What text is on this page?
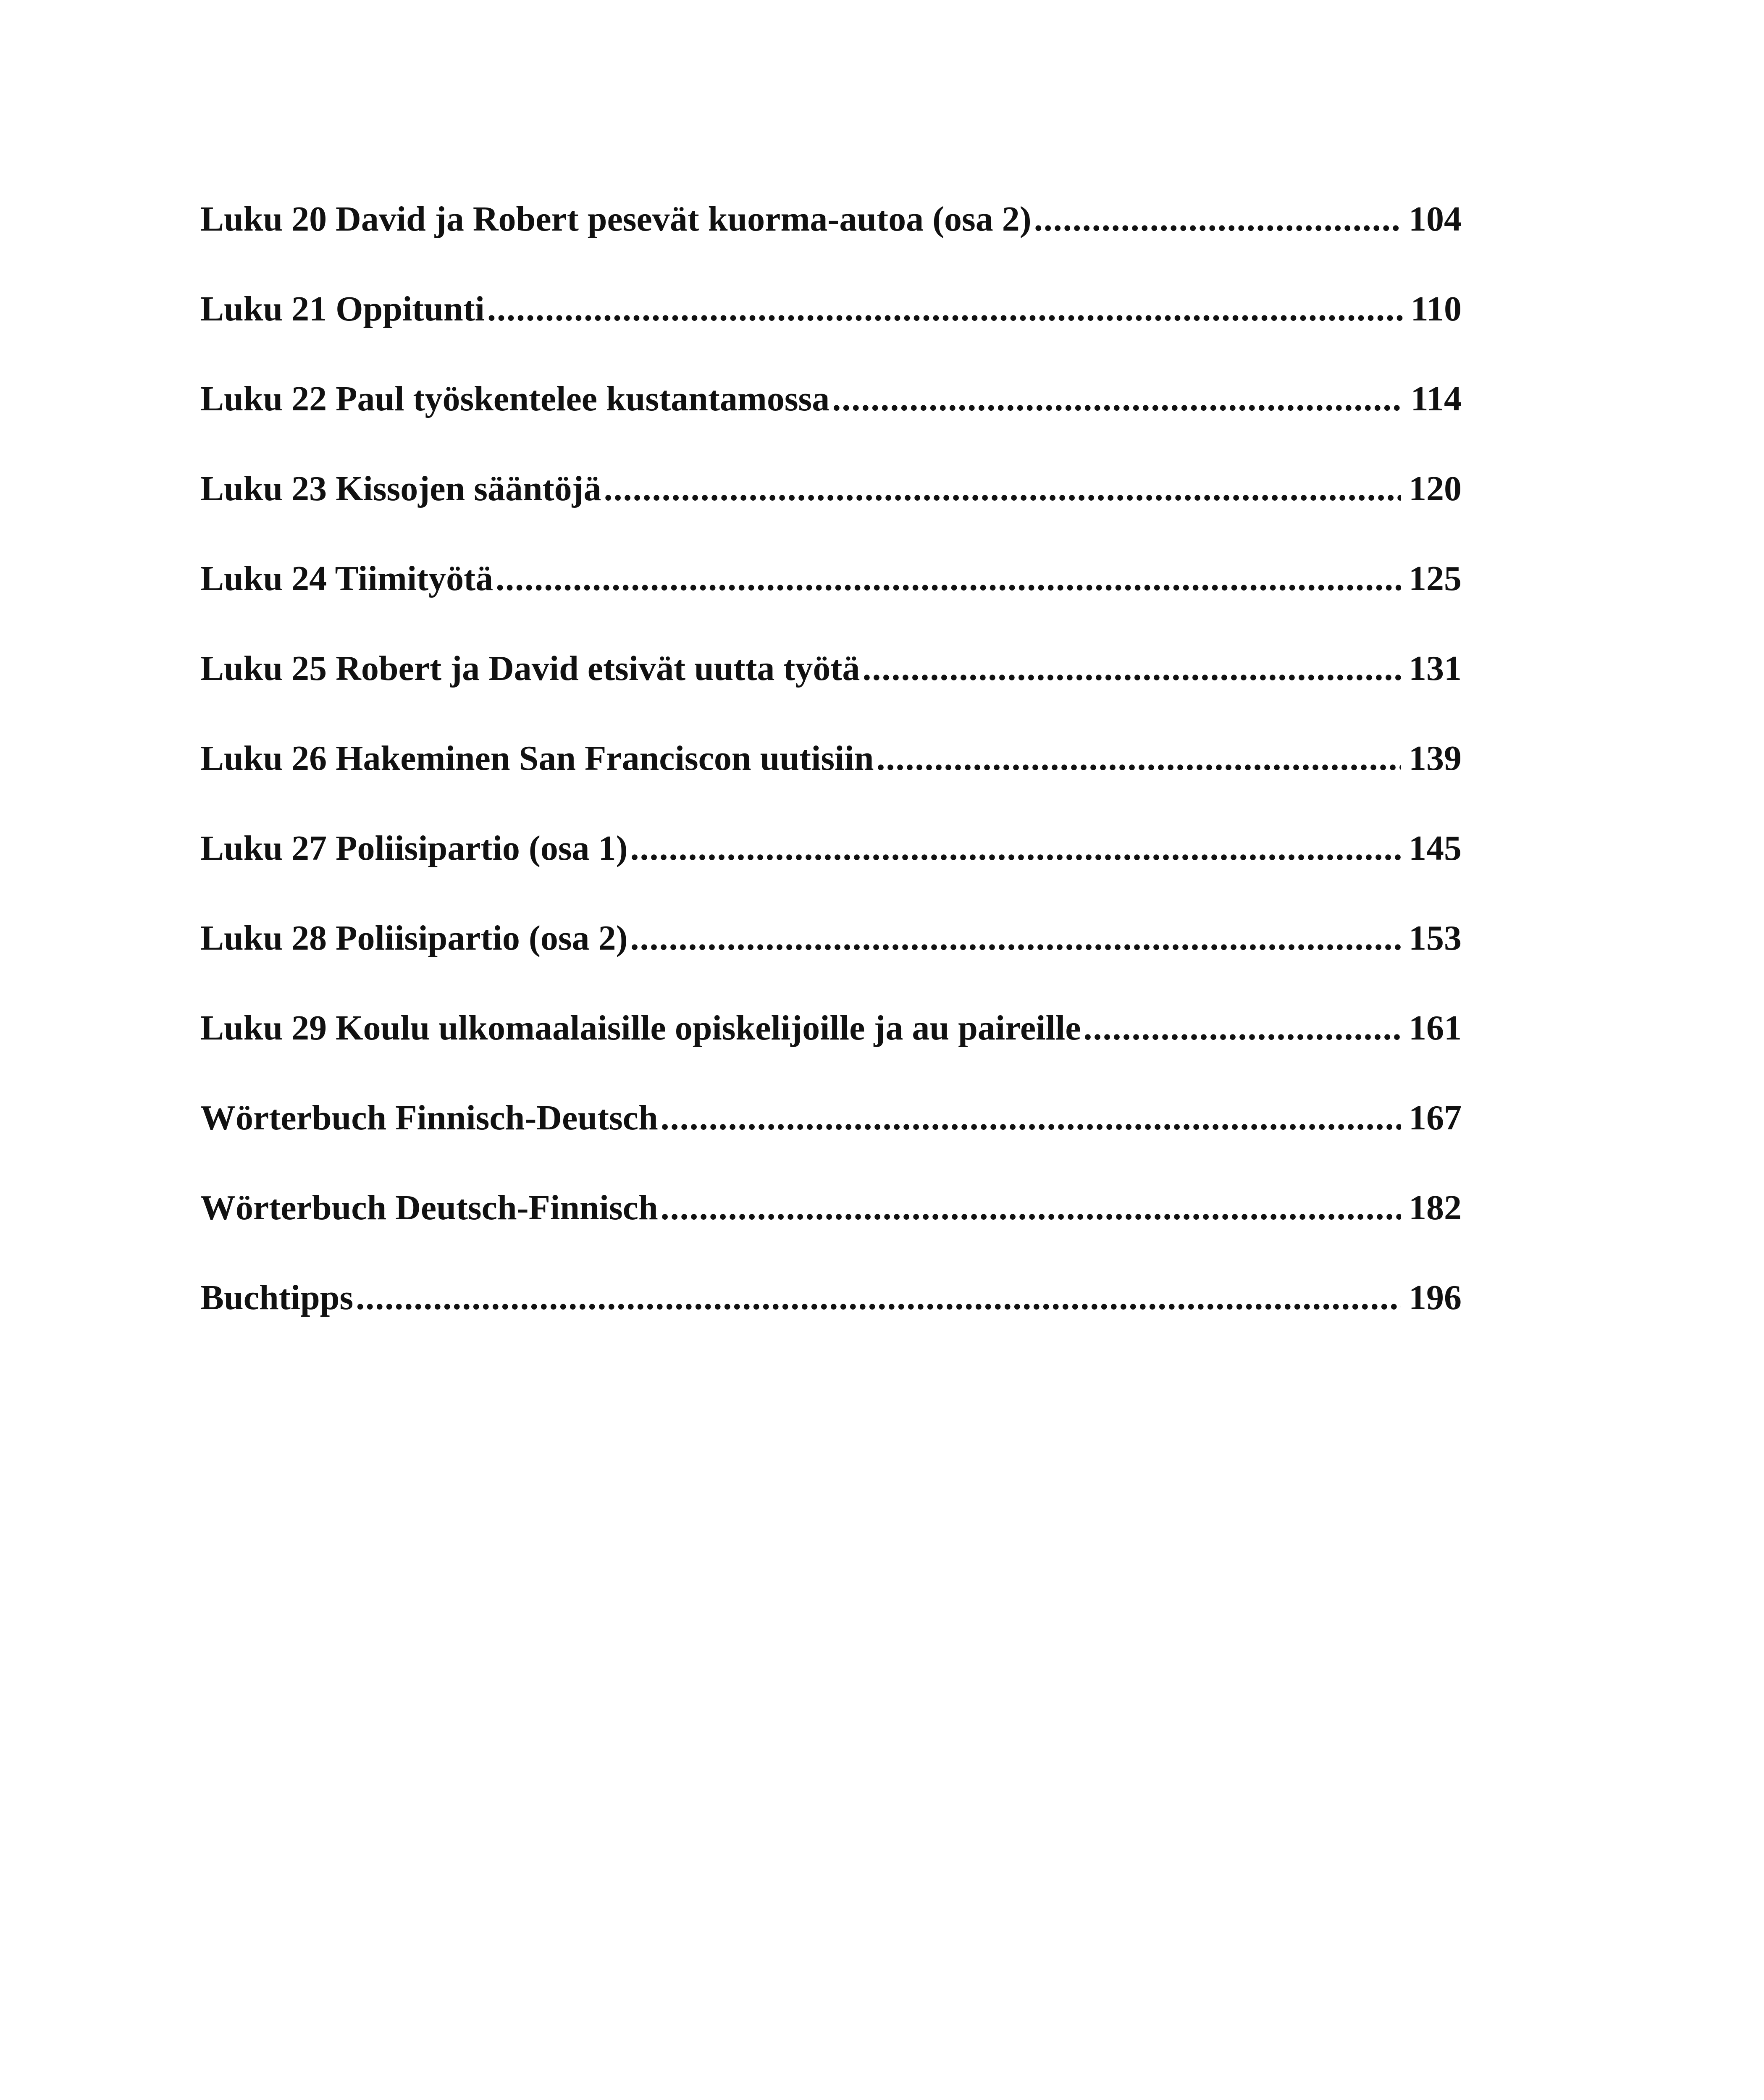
Luku 20 David ja Robert pesevät kuorma-autoa (osa 2) .....	104
Luku 21 Oppitunti .....	110
Luku 22 Paul työskentelee kustantamossa .....	114
Luku 23 Kissojen sääntöjä .....	120
Luku 24 Tiimityötä .....	125
Luku 25 Robert ja David etsivät uutta työtä .....	131
Luku 26 Hakeminen San Franciscon uutisiin .....	139
Luku 27 Poliisipartio (osa 1) .....	145
Luku 28 Poliisipartio (osa 2) .....	153
Luku 29 Koulu ulkomaalaisille opiskelijoille ja au paireille .....	161
Wörterbuch Finnisch-Deutsch .....	167
Wörterbuch Deutsch-Finnisch .....	182
Buchtipps .....	196
